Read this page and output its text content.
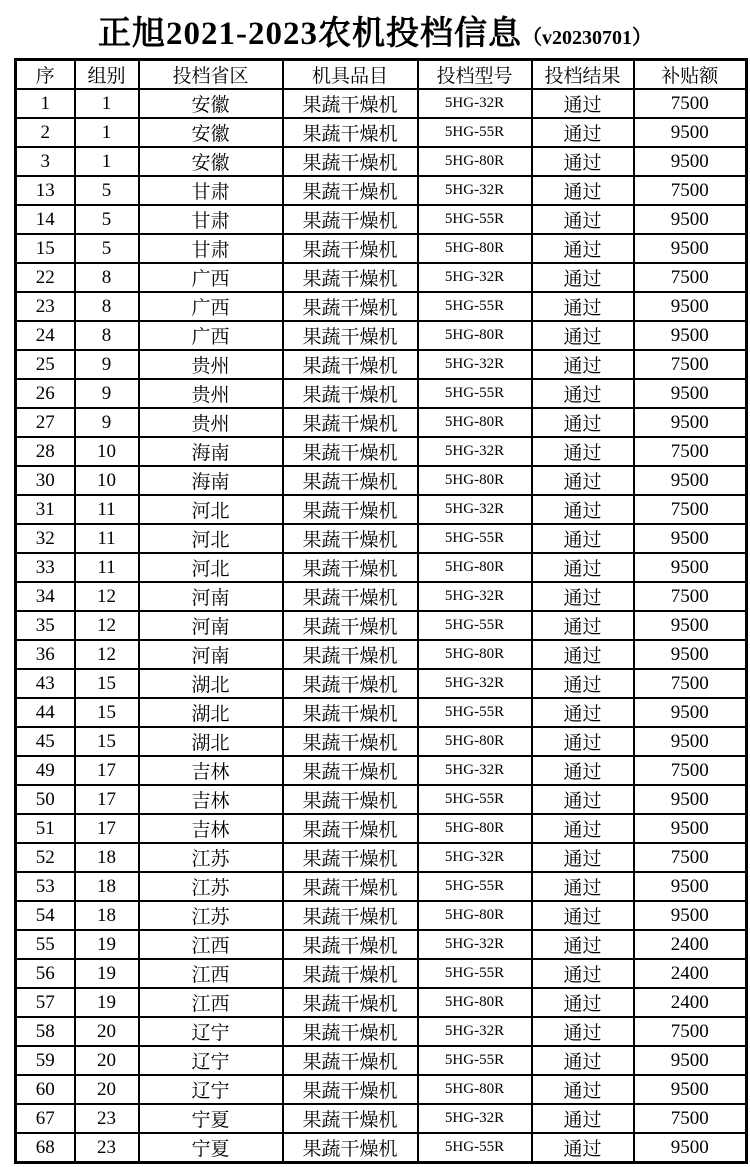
正旭2021-2023农机投档信息（v20230701）
序	组别	投档省区	机具品目	投档型号	投档结果	补贴额
1	1	安徽	果蔬干燥机	5HG-32R	通过	7500
2	1	安徽	果蔬干燥机	5HG-55R	通过	9500
3	1	安徽	果蔬干燥机	5HG-80R	通过	9500
13	5	甘肃	果蔬干燥机	5HG-32R	通过	7500
14	5	甘肃	果蔬干燥机	5HG-55R	通过	9500
15	5	甘肃	果蔬干燥机	5HG-80R	通过	9500
22	8	广西	果蔬干燥机	5HG-32R	通过	7500
23	8	广西	果蔬干燥机	5HG-55R	通过	9500
24	8	广西	果蔬干燥机	5HG-80R	通过	9500
25	9	贵州	果蔬干燥机	5HG-32R	通过	7500
26	9	贵州	果蔬干燥机	5HG-55R	通过	9500
27	9	贵州	果蔬干燥机	5HG-80R	通过	9500
28	10	海南	果蔬干燥机	5HG-32R	通过	7500
30	10	海南	果蔬干燥机	5HG-80R	通过	9500
31	11	河北	果蔬干燥机	5HG-32R	通过	7500
32	11	河北	果蔬干燥机	5HG-55R	通过	9500
33	11	河北	果蔬干燥机	5HG-80R	通过	9500
34	12	河南	果蔬干燥机	5HG-32R	通过	7500
35	12	河南	果蔬干燥机	5HG-55R	通过	9500
36	12	河南	果蔬干燥机	5HG-80R	通过	9500
43	15	湖北	果蔬干燥机	5HG-32R	通过	7500
44	15	湖北	果蔬干燥机	5HG-55R	通过	9500
45	15	湖北	果蔬干燥机	5HG-80R	通过	9500
49	17	吉林	果蔬干燥机	5HG-32R	通过	7500
50	17	吉林	果蔬干燥机	5HG-55R	通过	9500
51	17	吉林	果蔬干燥机	5HG-80R	通过	9500
52	18	江苏	果蔬干燥机	5HG-32R	通过	7500
53	18	江苏	果蔬干燥机	5HG-55R	通过	9500
54	18	江苏	果蔬干燥机	5HG-80R	通过	9500
55	19	江西	果蔬干燥机	5HG-32R	通过	2400
56	19	江西	果蔬干燥机	5HG-55R	通过	2400
57	19	江西	果蔬干燥机	5HG-80R	通过	2400
58	20	辽宁	果蔬干燥机	5HG-32R	通过	7500
59	20	辽宁	果蔬干燥机	5HG-55R	通过	9500
60	20	辽宁	果蔬干燥机	5HG-80R	通过	9500
67	23	宁夏	果蔬干燥机	5HG-32R	通过	7500
68	23	宁夏	果蔬干燥机	5HG-55R	通过	9500
